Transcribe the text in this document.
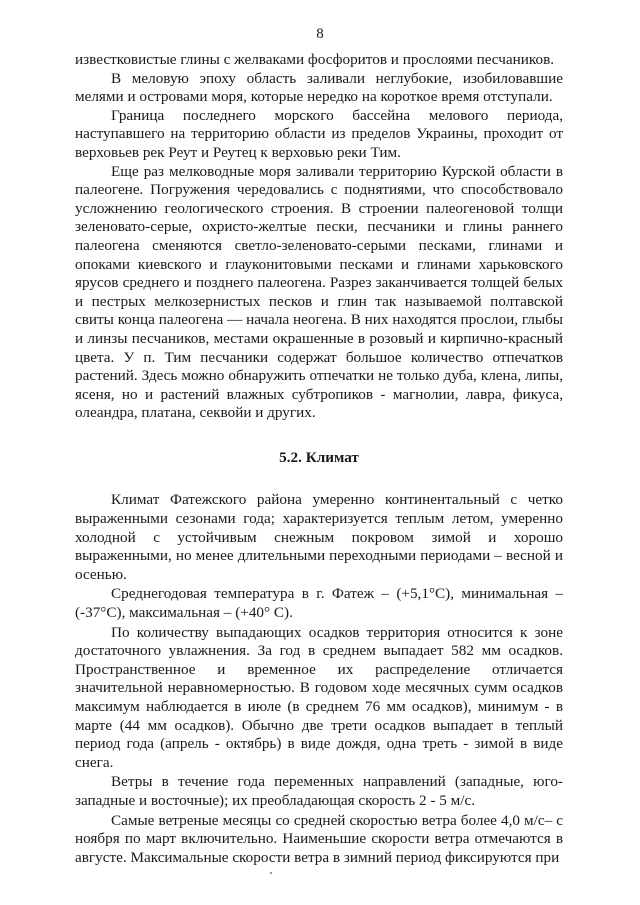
8

известковистые глины с желваками фосфоритов и прослоями песчаников.

В меловую эпоху область заливали неглубокие, изобиловавшие мелями и островами моря, которые нередко на короткое время отступали.

Граница последнего морского бассейна мелового периода, наступавшего на территорию области из пределов Украины, проходит от верховьев рек Реут и Реутец к верховью реки Тим.

Еще раз мелководные моря заливали территорию Курской области в палеогене. Погружения чередовались с поднятиями, что способствовало усложнению геологического строения. В строении палеогеновой толщи зеленовато-серые, охристо-желтые пески, песчаники и глины раннего палеогена сменяются светло-зеленовато-серыми песками, глинами и опоками киевского и глауконитовыми песками и глинами харьковского ярусов среднего и позднего палеогена. Разрез заканчивается толщей белых и пестрых мелкозернистых песков и глин так называемой полтавской свиты конца палеогена — начала неогена. В них находятся прослои, глыбы и линзы песчаников, местами окрашенные в розовый и кирпично-красный цвета. У п. Тим песчаники содержат большое количество отпечатков растений. Здесь можно обнаружить отпечатки не только дуба, клена, липы, ясеня, но и растений влажных субтропиков - магнолии, лавра, фикуса, олеандра, платана, секвойи и других.

5.2. Климат

Климат Фатежского района умеренно континентальный с четко выраженными сезонами года; характеризуется теплым летом, умеренно холодной с устойчивым снежным покровом зимой и хорошо выраженными, но менее длительными переходными периодами – весной и осенью.

Среднегодовая температура в г. Фатеж – (+5,1°С), минимальная – (-37°С), максимальная – (+40° С).

По количеству выпадающих осадков территория относится к зоне достаточного увлажнения. За год в среднем выпадает 582 мм осадков. Пространственное и временное их распределение отличается значительной неравномерностью. В годовом ходе месячных сумм осадков максимум наблюдается в июле (в среднем 76 мм осадков), минимум - в марте (44 мм осадков). Обычно две трети осадков выпадает в теплый период года (апрель - октябрь) в виде дождя, одна треть - зимой в виде снега.

Ветры в течение года переменных направлений (западные, юго-западные и восточные); их преобладающая скорость 2 - 5 м/с.

Самые ветреные месяцы со средней скоростью ветра более 4,0 м/с– с ноября по март включительно. Наименьшие скорости ветра отмечаются в августе. Максимальные скорости ветра в зимний период фиксируются при
